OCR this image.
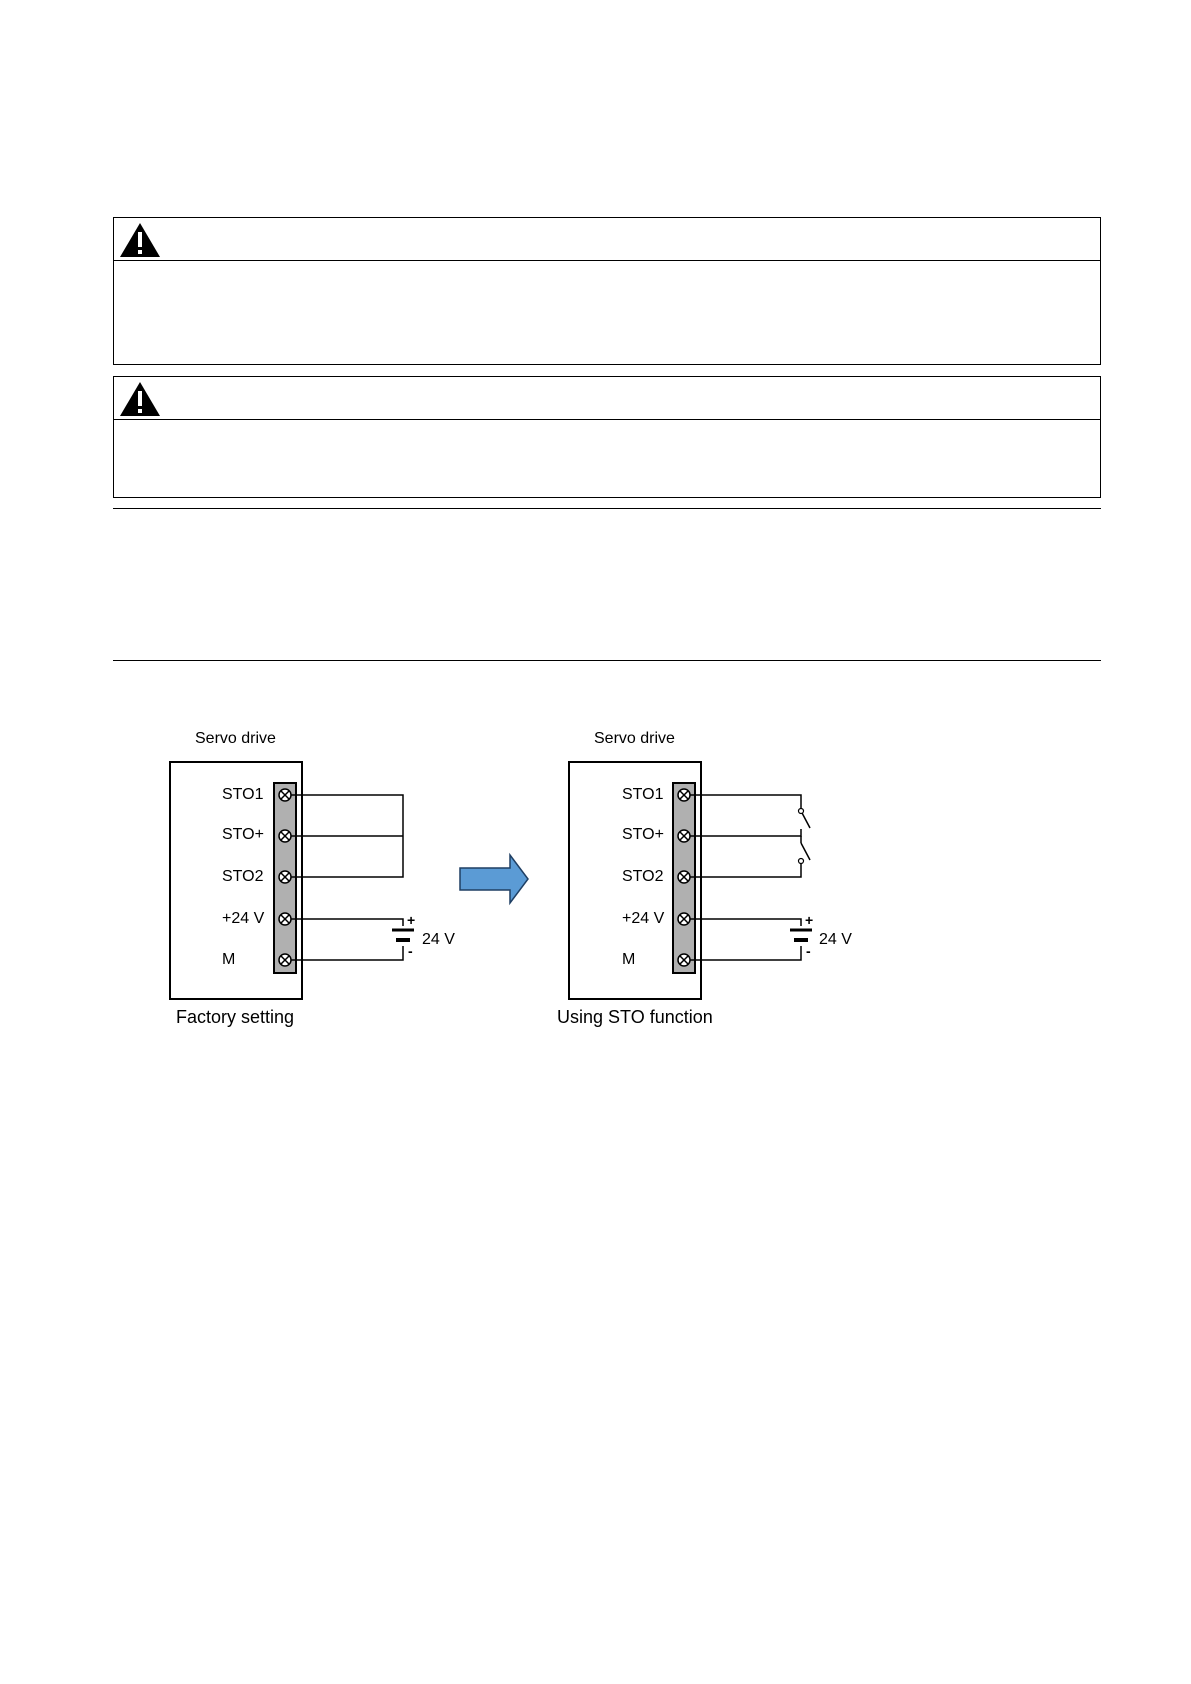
Servo drive
STO1
STO+
STO2
+24 V
M
+
-
24 V
Factory setting
Servo drive
STO1
STO+
STO2
+24 V
M
+
-
24 V
Using STO function
